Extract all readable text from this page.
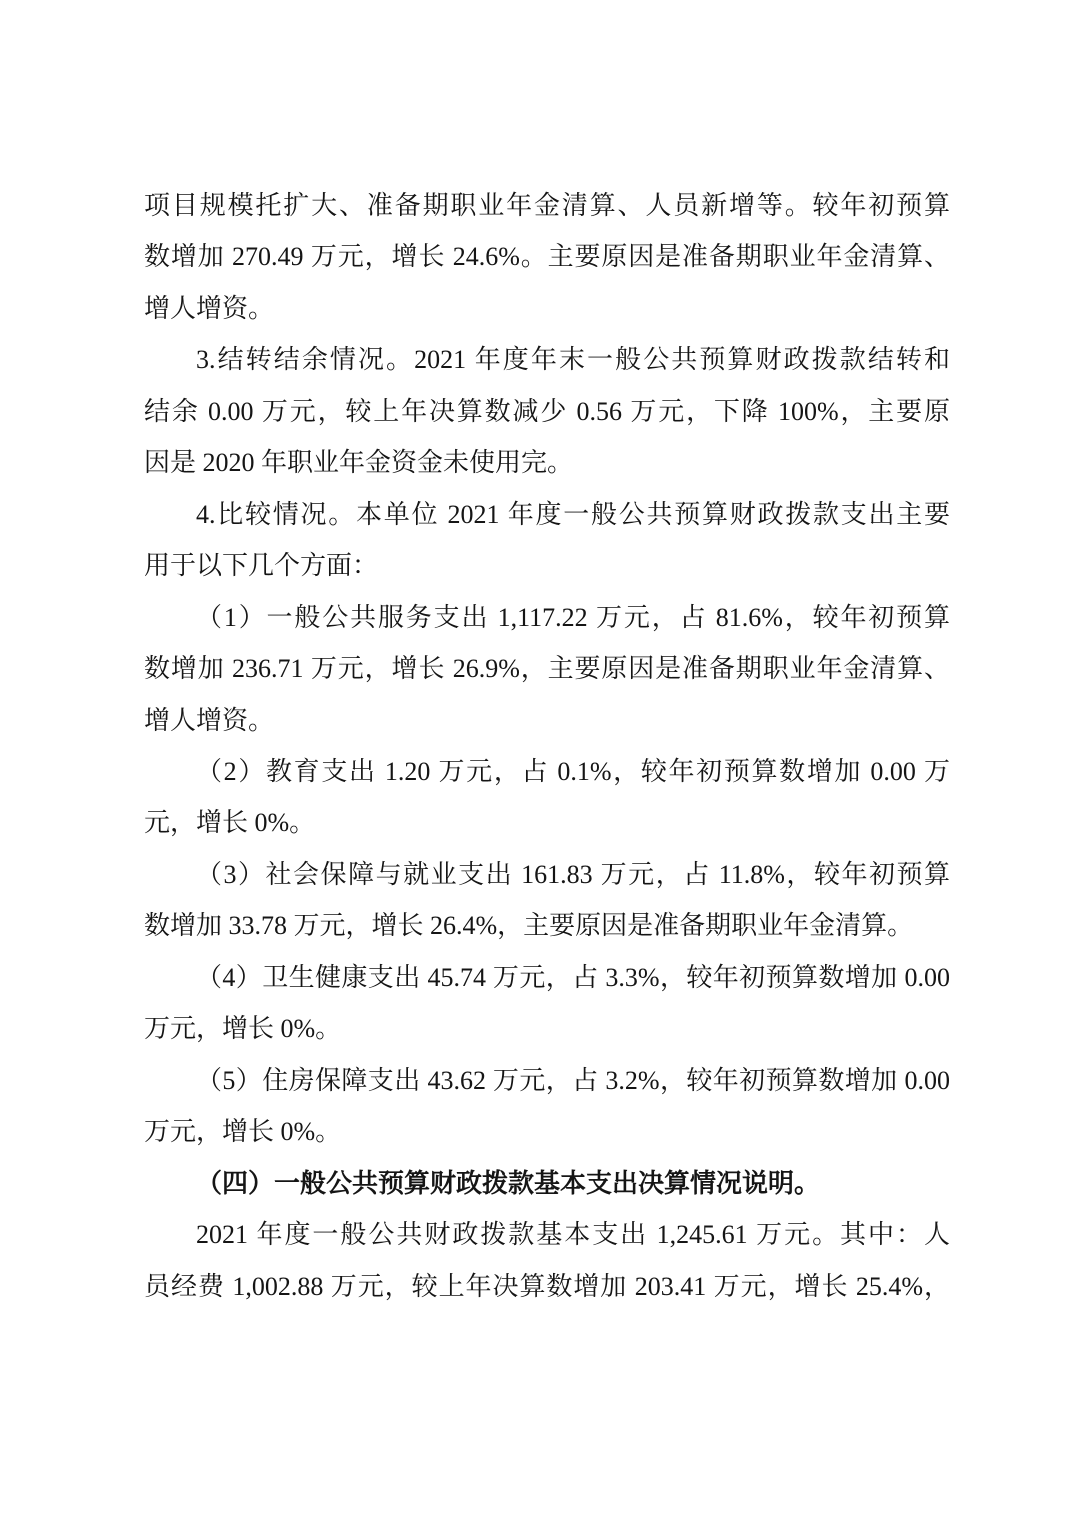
项目规模托扩大、准备期职业年金清算、人员新增等。较年初预算
数增加 270.49 万元，增长 24.6%。主要原因是准备期职业年金清算、
增人增资。
3.结转结余情况。2021 年度年末一般公共预算财政拨款结转和
结余 0.00 万元，较上年决算数减少 0.56 万元，下降 100%，主要原
因是 2020 年职业年金资金未使用完。
4.比较情况。本单位 2021 年度一般公共预算财政拨款支出主要
用于以下几个方面：
（1）一般公共服务支出 1,117.22 万元，占 81.6%，较年初预算
数增加 236.71 万元，增长 26.9%，主要原因是准备期职业年金清算、
增人增资。
（2）教育支出 1.20 万元，占 0.1%，较年初预算数增加 0.00 万
元，增长 0%。
（3）社会保障与就业支出 161.83 万元，占 11.8%，较年初预算
数增加 33.78 万元，增长 26.4%，主要原因是准备期职业年金清算。
（4）卫生健康支出 45.74 万元，占 3.3%，较年初预算数增加 0.00
万元，增长 0%。
（5）住房保障支出 43.62 万元，占 3.2%，较年初预算数增加 0.00
万元，增长 0%。
（四）一般公共预算财政拨款基本支出决算情况说明。
2021 年度一般公共财政拨款基本支出 1,245.61 万元。其中：人
员经费 1,002.88 万元，较上年决算数增加 203.41 万元，增长 25.4%，
